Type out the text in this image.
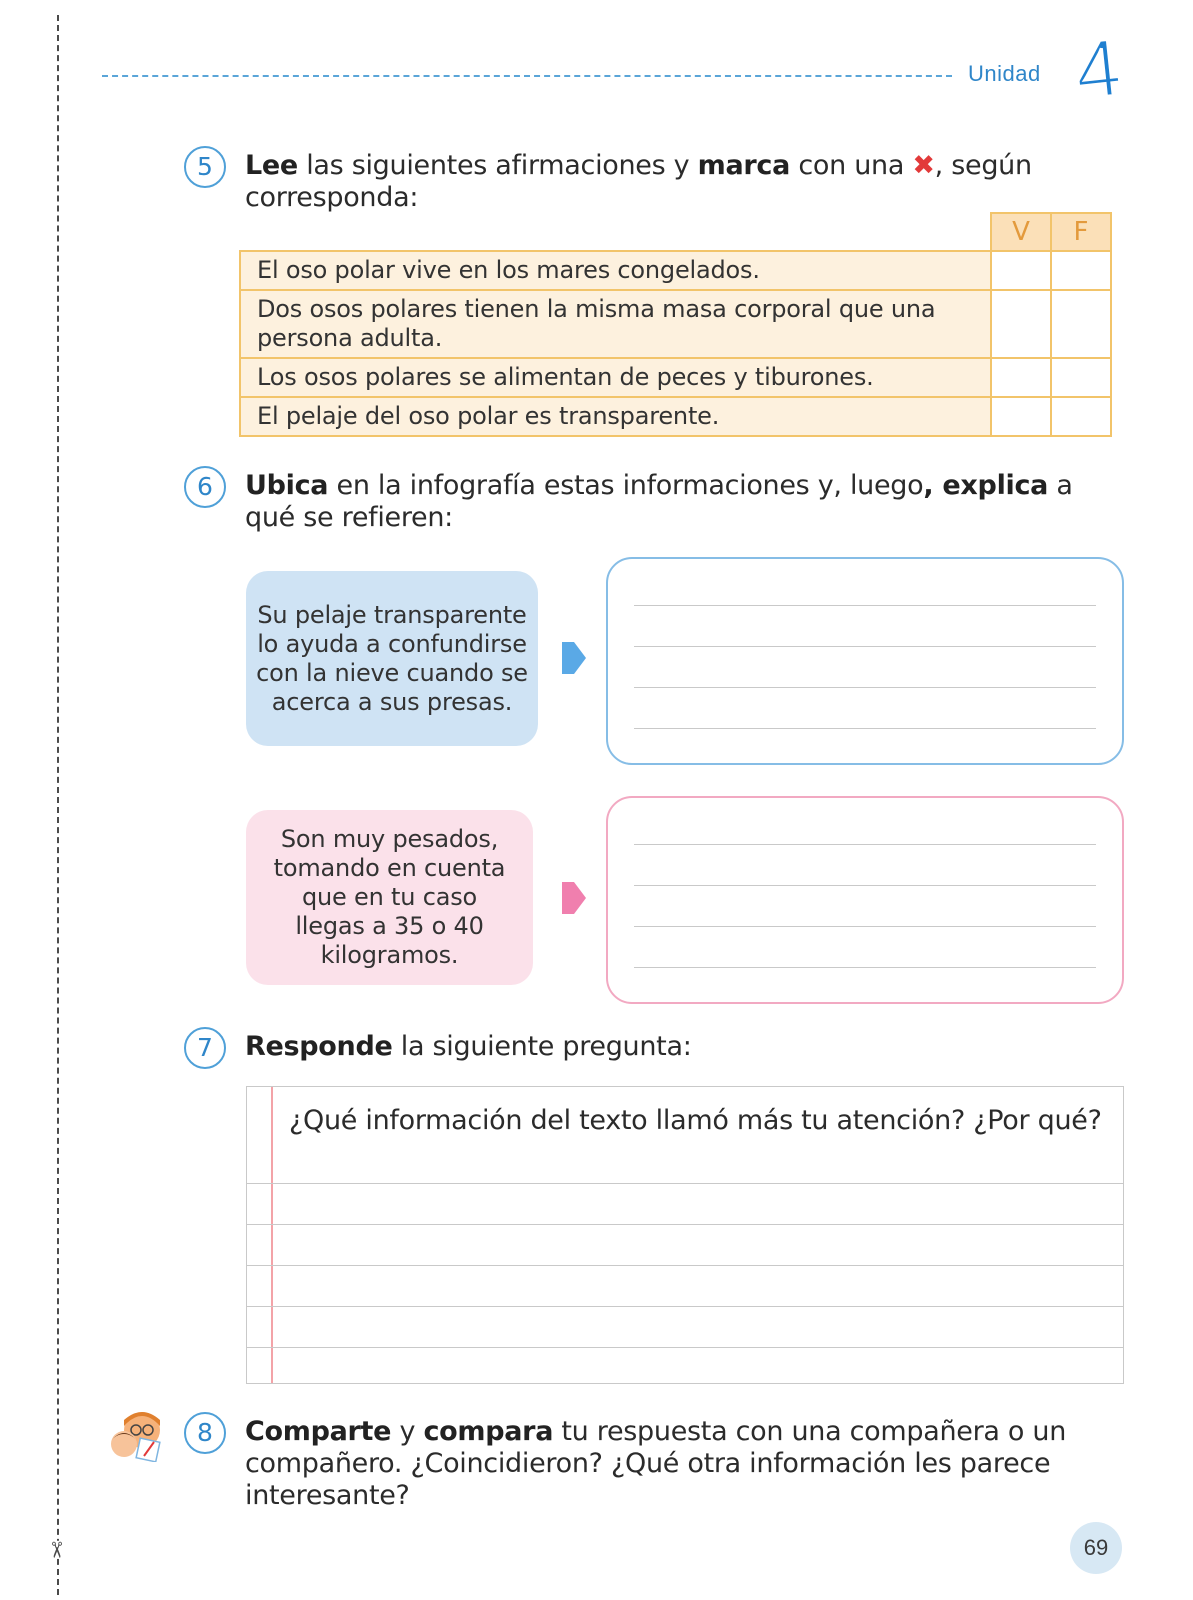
✂
Unidad 4
5	Lee las siguientes afirmaciones y marca con una ✖, según corresponda:
	V	F
El oso polar vive en los mares congelados.		
Dos osos polares tienen la misma masa corporal que una persona adulta.		
Los osos polares se alimentan de peces y tiburones.		
El pelaje del oso polar es transparente.		
6	Ubica en la infografía estas informaciones y, luego, explica a qué se refieren:
Su pelaje transparente lo ayuda a confundirse con la nieve cuando se acerca a sus presas.
Son muy pesados, tomando en cuenta que en tu caso llegas a 35 o 40 kilogramos.
7	Responde la siguiente pregunta:
¿Qué información del texto llamó más tu atención? ¿Por qué?
8	Comparte y compara tu respuesta con una compañera o un compañero. ¿Coincidieron? ¿Qué otra información les parece interesante?
69
